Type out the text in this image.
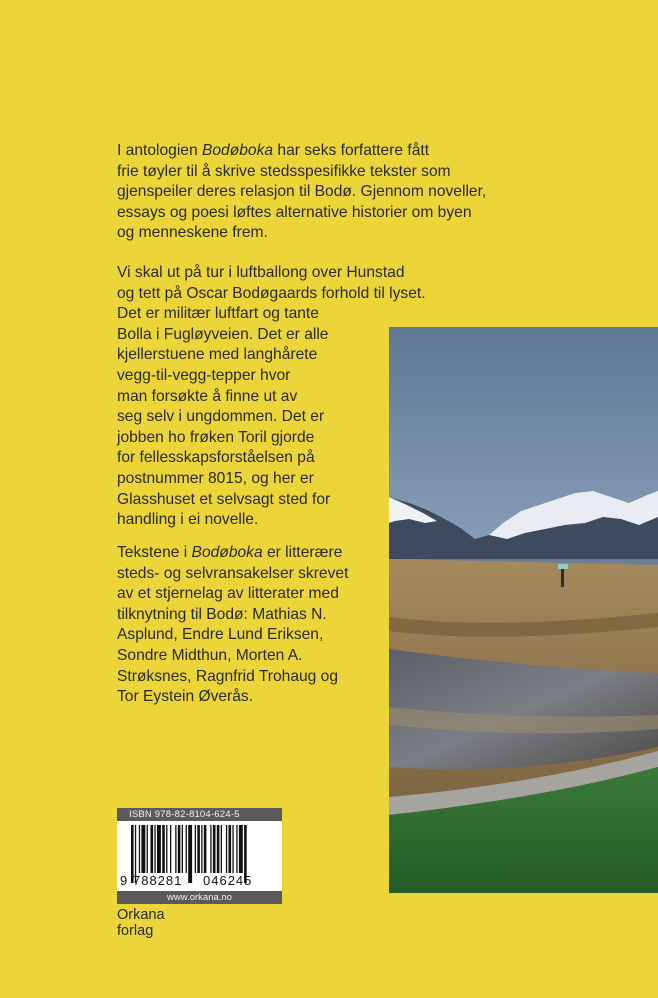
I antologien Bodøboka har seks forfattere fått
frie tøyler til å skrive stedsspesifikke tekster som
gjenspeiler deres relasjon til Bodø. Gjennom noveller,
essays og poesi løftes alternative historier om byen
og menneskene frem.

Vi skal ut på tur i luftballong over Hunstad
og tett på Oscar Bodøgaards forhold til lyset.
Det er militær luftfart og tante
Bolla i Fugløyveien. Det er alle
kjellerstuene med langhårete
vegg-til-vegg-tepper hvor
man forsøkte å finne ut av
seg selv i ungdommen. Det er
jobben ho frøken Toril gjorde
for fellesskapsforståelsen på
postnummer 8015, og her er
Glasshuset et selvsagt sted for
handling i ei novelle.

Tekstene i Bodøboka er litterære
steds- og selvransakelser skrevet
av et stjernelag av litterater med
tilknytning til Bodø: Mathias N.
Asplund, Endre Lund Eriksen,
Sondre Midthun, Morten A.
Strøksnes, Ragnfrid Trohaug og
Tor Eystein Øverås.

ISBN 978-82-8104-624-5
9 788281 046245
www.orkana.no
Orkana
forlag
